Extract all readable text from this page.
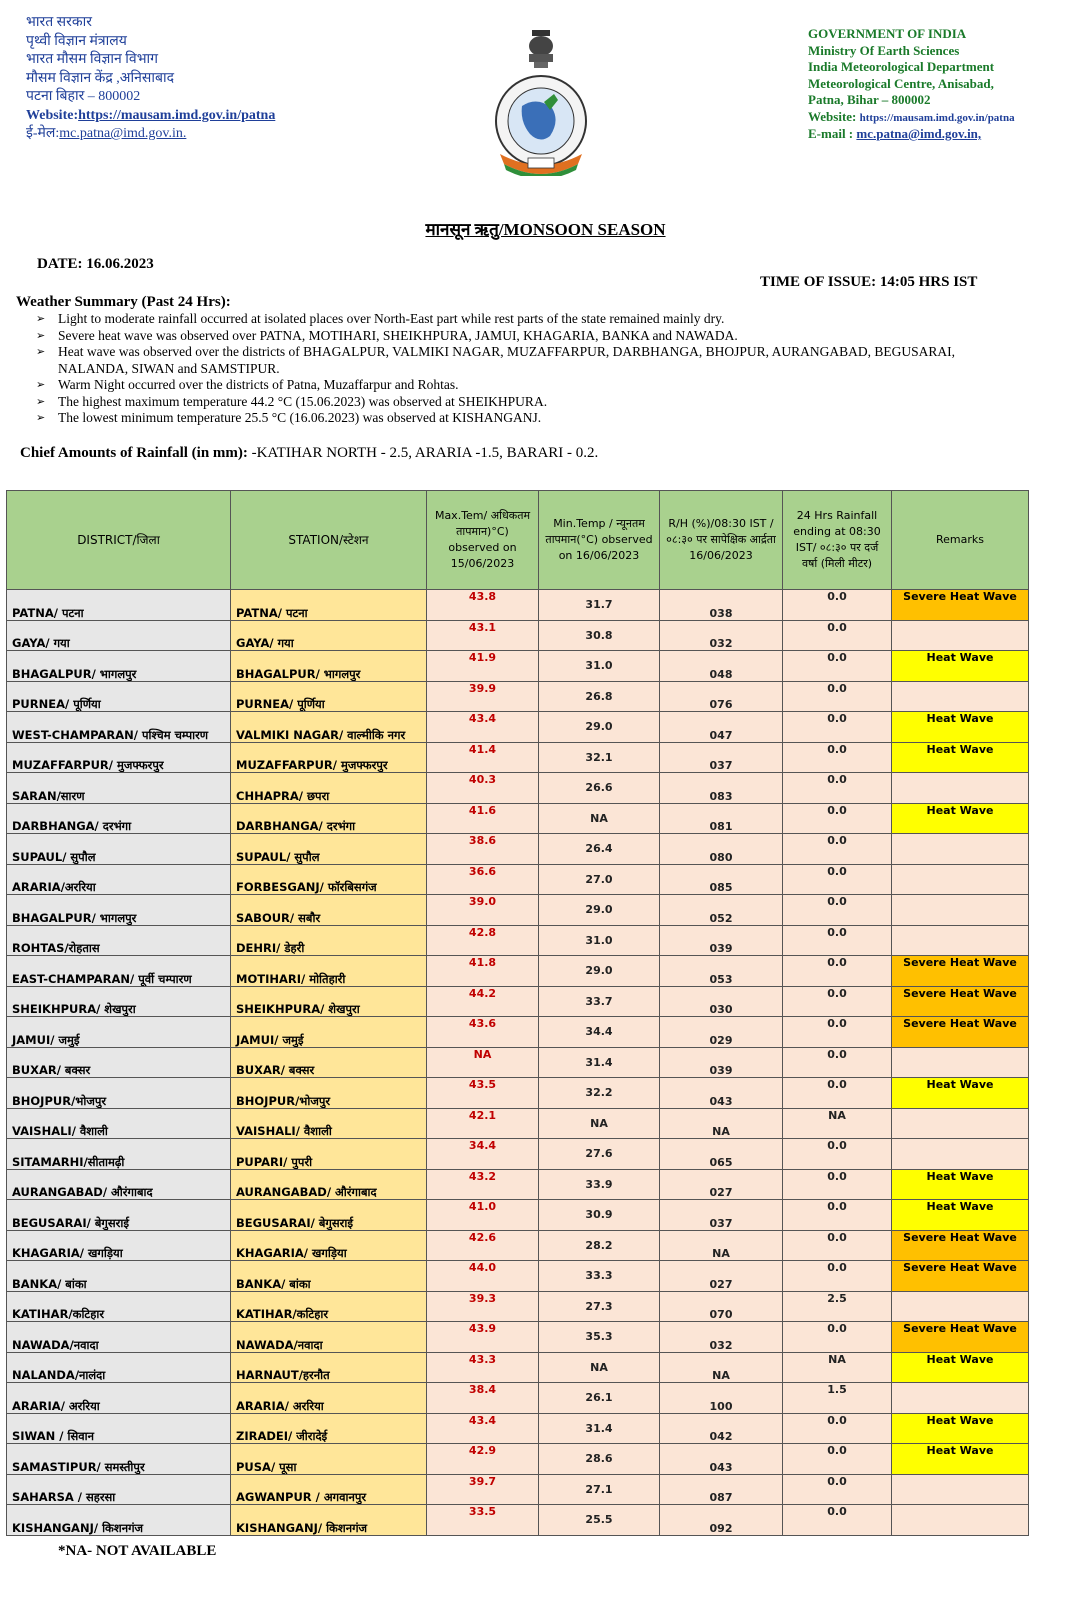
भारत सरकार
पृथ्वी विज्ञान मंत्रालय
भारत मौसम विज्ञान विभाग
मौसम विज्ञान केंद्र ,अनिसाबाद
पटना बिहार – 800002
Website:https://mausam.imd.gov.in/patna
ई-मेल:mc.patna@imd.gov.in.
GOVERNMENT OF INDIA
Ministry Of Earth Sciences
India Meteorological Department
Meteorological Centre, Anisabad,
Patna, Bihar – 800002
Website: https://mausam.imd.gov.in/patna
E-mail : mc.patna@imd.gov.in,
मानसून ऋतु/MONSOON SEASON
DATE: 16.06.2023
TIME OF ISSUE: 14:05 HRS IST
Weather Summary (Past 24 Hrs):
➢ Light to moderate rainfall occurred at isolated places over North-East part while rest parts of the state remained mainly dry.
➢ Severe heat wave was observed over PATNA, MOTIHARI, SHEIKHPURA, JAMUI, KHAGARIA, BANKA and NAWADA.
➢ Heat wave was observed over the districts of BHAGALPUR, VALMIKI NAGAR, MUZAFFARPUR, DARBHANGA, BHOJPUR, AURANGABAD, BEGUSARAI, NALANDA, SIWAN and SAMSTIPUR.
➢ Warm Night occurred over the districts of Patna, Muzaffarpur and Rohtas.
➢ The highest maximum temperature 44.2 °C (15.06.2023) was observed at SHEIKHPURA.
➢ The lowest minimum temperature 25.5 °C (16.06.2023) was observed at KISHANGANJ.
Chief Amounts of Rainfall (in mm): -KATIHAR NORTH - 2.5, ARARIA -1.5, BARARI - 0.2.
DISTRICT/जिला	STATION/स्टेशन	Max.Tem/ अधिकतम तापमान)°C) observed on 15/06/2023	Min.Temp / न्यूनतम तापमान(°C) observed on 16/06/2023	R/H (%)/08:30 IST / ०८:३० पर सापेक्षिक आर्द्रता 16/06/2023	24 Hrs Rainfall ending at 08:30 IST/ ०८:३० पर दर्ज वर्षा (मिली मीटर)	Remarks
PATNA/ पटना	PATNA/ पटना	43.8	31.7	038	0.0	Severe Heat Wave
GAYA/ गया	GAYA/ गया	43.1	30.8	032	0.0	
BHAGALPUR/ भागलपुर	BHAGALPUR/ भागलपुर	41.9	31.0	048	0.0	Heat Wave
PURNEA/ पूर्णिया	PURNEA/ पूर्णिया	39.9	26.8	076	0.0	
WEST-CHAMPARAN/ पश्चिम चम्पारण	VALMIKI NAGAR/ वाल्मीकि नगर	43.4	29.0	047	0.0	Heat Wave
MUZAFFARPUR/ मुजफ्फरपुर	MUZAFFARPUR/ मुजफ्फरपुर	41.4	32.1	037	0.0	Heat Wave
SARAN/सारण	CHHAPRA/ छपरा	40.3	26.6	083	0.0	
DARBHANGA/ दरभंगा	DARBHANGA/ दरभंगा	41.6	NA	081	0.0	Heat Wave
SUPAUL/ सुपौल	SUPAUL/ सुपौल	38.6	26.4	080	0.0	
ARARIA/अररिया	FORBESGANJ/ फॉरबिसगंज	36.6	27.0	085	0.0	
BHAGALPUR/ भागलपुर	SABOUR/ सबौर	39.0	29.0	052	0.0	
ROHTAS/रोहतास	DEHRI/ डेहरी	42.8	31.0	039	0.0	
EAST-CHAMPARAN/ पूर्वी चम्पारण	MOTIHARI/ मोतिहारी	41.8	29.0	053	0.0	Severe Heat Wave
SHEIKHPURA/ शेखपुरा	SHEIKHPURA/ शेखपुरा	44.2	33.7	030	0.0	Severe Heat Wave
JAMUI/ जमुई	JAMUI/ जमुई	43.6	34.4	029	0.0	Severe Heat Wave
BUXAR/ बक्सर	BUXAR/ बक्सर	NA	31.4	039	0.0	
BHOJPUR/भोजपुर	BHOJPUR/भोजपुर	43.5	32.2	043	0.0	Heat Wave
VAISHALI/ वैशाली	VAISHALI/ वैशाली	42.1	NA	NA	NA	
SITAMARHI/सीतामढ़ी	PUPARI/ पुपरी	34.4	27.6	065	0.0	
AURANGABAD/ औरंगाबाद	AURANGABAD/ औरंगाबाद	43.2	33.9	027	0.0	Heat Wave
BEGUSARAI/ बेगुसराई	BEGUSARAI/ बेगुसराई	41.0	30.9	037	0.0	Heat Wave
KHAGARIA/ खगड़िया	KHAGARIA/ खगड़िया	42.6	28.2	NA	0.0	Severe Heat Wave
BANKA/ बांका	BANKA/ बांका	44.0	33.3	027	0.0	Severe Heat Wave
KATIHAR/कटिहार	KATIHAR/कटिहार	39.3	27.3	070	2.5	
NAWADA/नवादा	NAWADA/नवादा	43.9	35.3	032	0.0	Severe Heat Wave
NALANDA/नालंदा	HARNAUT/हरनौत	43.3	NA	NA	NA	Heat Wave
ARARIA/ अररिया	ARARIA/ अररिया	38.4	26.1	100	1.5	
SIWAN / सिवान	ZIRADEI/ जीरादेई	43.4	31.4	042	0.0	Heat Wave
SAMASTIPUR/ समस्तीपुर	PUSA/ पूसा	42.9	28.6	043	0.0	Heat Wave
SAHARSA / सहरसा	AGWANPUR / अगवानपुर	39.7	27.1	087	0.0	
KISHANGANJ/ किशनगंज	KISHANGANJ/ किशनगंज	33.5	25.5	092	0.0	
*NA- NOT AVAILABLE
